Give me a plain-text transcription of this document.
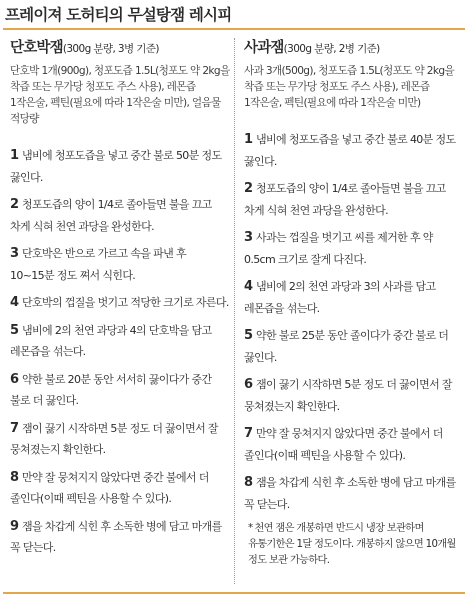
프레이져 도허티의 무설탕잼 레시피
단호박잼(300g 분량, 3병 기준)

단호박 1개(900g), 청포도즙 1.5L(청포도 약 2kg을 착즙 또는 무가당 청포도 주스 사용), 레몬즙 1작은술, 펙틴(필요에 따라 1작은술 미만), 얼음물 적당량

1 냄비에 청포도즙을 넣고 중간 불로 50분 정도 끓인다.

2 청포도즙의 양이 1/4로 졸아들면 불을 끄고 차게 식혀 천연 과당을 완성한다.

3 단호박은 반으로 가르고 속을 파낸 후 10~15분 정도 쪄서 식힌다.

4 단호박의 껍질을 벗기고 적당한 크기로 자른다.

5 냄비에 2의 천연 과당과 4의 단호박을 담고 레몬즙을 섞는다.

6 약한 불로 20분 동안 서서히 끓이다가 중간 불로 더 끓인다.

7 잼이 끓기 시작하면 5분 정도 더 끓이면서 잘 뭉쳐졌는지 확인한다.

8 만약 잘 뭉쳐지지 않았다면 중간 불에서 더 졸인다(이때 펙틴을 사용할 수 있다).

9 잼을 차갑게 식힌 후 소독한 병에 담고 마개를 꼭 닫는다.

사과잼(300g 분량, 2병 기준)

사과 3개(500g), 청포도즙 1.5L(청포도 약 2kg을 착즙 또는 무가당 청포도 주스 사용), 레몬즙 1작은술, 펙틴(필요에 따라 1작은술 미만)

1 냄비에 청포도즙을 넣고 중간 불로 40분 정도 끓인다.

2 청포도즙의 양이 1/4로 졸아들면 불을 끄고 차게 식혀 천연 과당을 완성한다.

3 사과는 껍질을 벗기고 씨를 제거한 후 약 0.5cm 크기로 잘게 다진다.

4 냄비에 2의 천연 과당과 3의 사과를 담고 레몬즙을 섞는다.

5 약한 불로 25분 동안 졸이다가 중간 불로 더 끓인다.

6 잼이 끓기 시작하면 5분 정도 더 끓이면서 잘 뭉쳐졌는지 확인한다.

7 만약 잘 뭉쳐지지 않았다면 중간 불에서 더 졸인다(이때 펙틴을 사용할 수 있다).

8 잼을 차갑게 식힌 후 소독한 병에 담고 마개를 꼭 닫는다.

* 천연 잼은 개봉하면 반드시 냉장 보관하며 유통기한은 1달 정도이다. 개봉하지 않으면 10개월 정도 보관 가능하다.
